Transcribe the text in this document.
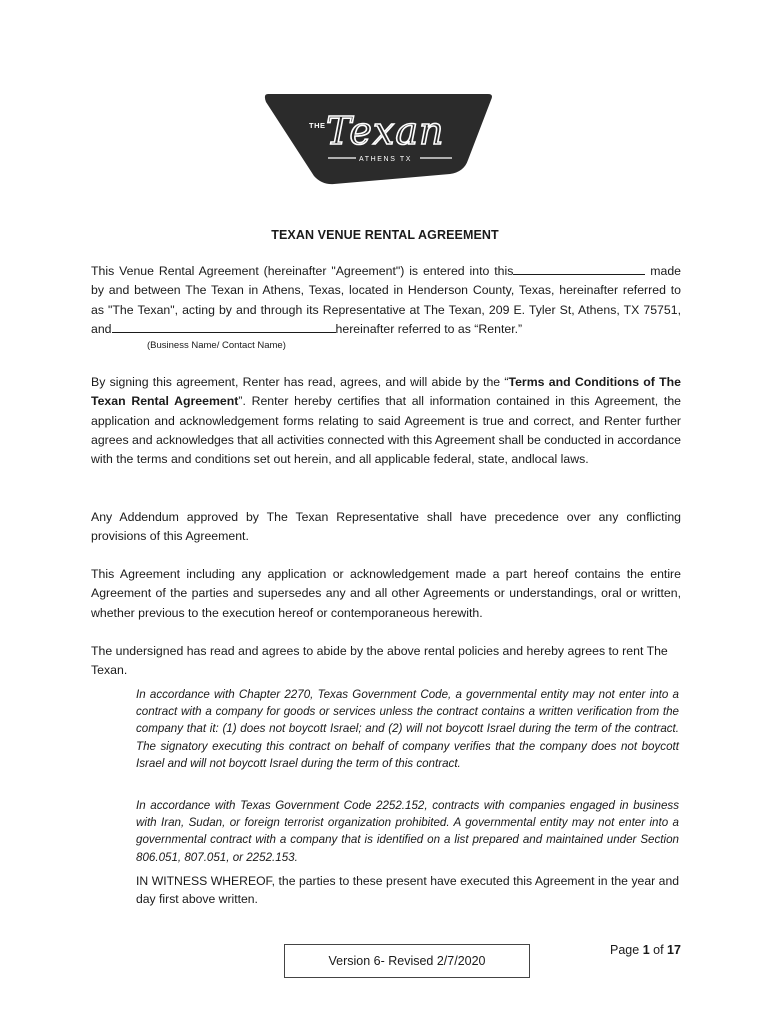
THE Texan
ATHENS TX
TEXAN VENUE RENTAL AGREEMENT

This Venue Rental Agreement (hereinafter "Agreement") is entered into this	made
by and between The Texan in Athens, Texas, located in Henderson County, Texas, hereinafter referred to
as "The Texan", acting by and through its Representative at The Texan, 209 E. Tyler St, Athens, TX 75751,
and	hereinafter referred to as “Renter.”

(Business Name/ Contact Name)

By signing this agreement, Renter has read, agrees, and will abide by the “Terms and Conditions of The Texan Rental Agreement”. Renter hereby certifies that all information contained in this Agreement, the application and acknowledgement forms relating to said Agreement is true and correct, and Renter further agrees and acknowledges that all activities connected with this Agreement shall be conducted in accordance with the terms and conditions set out herein, and all applicable federal, state, andlocal laws.

Any Addendum approved by The Texan Representative shall have precedence over any conflicting provisions of this Agreement.

This Agreement including any application or acknowledgement made a part hereof contains the entire Agreement of the parties and supersedes any and all other Agreements or understandings, oral or written, whether previous to the execution hereof or contemporaneous herewith.

The undersigned has read and agrees to abide by the above rental policies and hereby agrees to rent The Texan.

In accordance with Chapter 2270, Texas Government Code, a governmental entity may not enter into a contract with a company for goods or services unless the contract contains a written verification from the company that it: (1) does not boycott Israel; and (2) will not boycott Israel during the term of the contract. The signatory executing this contract on behalf of company verifies that the company does not boycott Israel and will not boycott Israel during the term of this contract.

In accordance with Texas Government Code 2252.152, contracts with companies engaged in business with Iran, Sudan, or foreign terrorist organization prohibited. A governmental entity may not enter into a governmental contract with a company that is identified on a list prepared and maintained under Section 806.051, 807.051, or 2252.153.

IN WITNESS WHEREOF, the parties to these present have executed this Agreement in the year and day first above written.

Version 6- Revised 2/7/2020
Page 1 of 17
